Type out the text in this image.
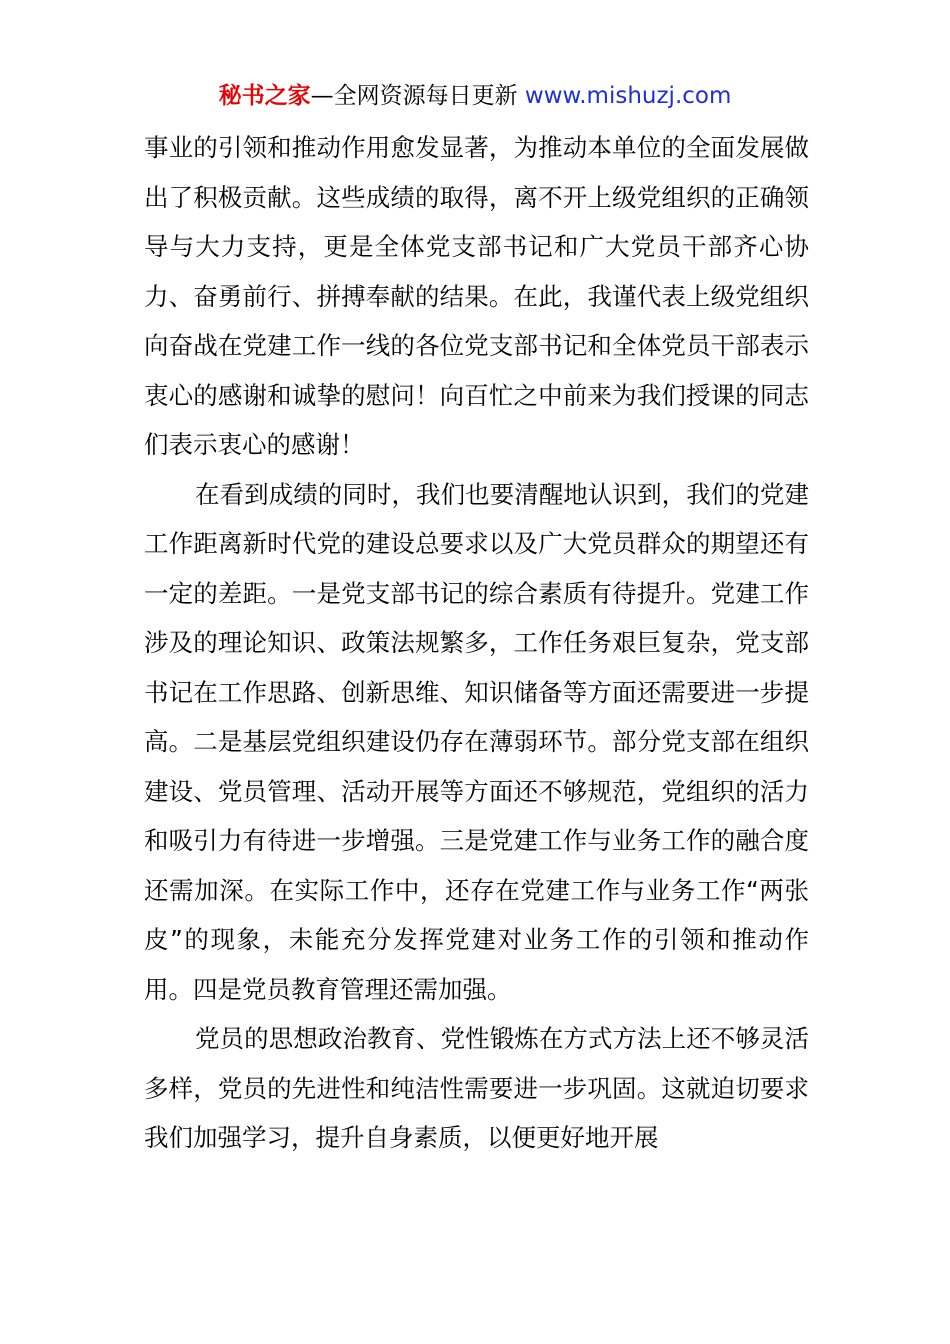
秘书之家—全网资源每日更新 www.mishuzj.com

事业的引领和推动作用愈发显著，为推动本单位的全面发展做出了积极贡献。这些成绩的取得，离不开上级党组织的正确领导与大力支持，更是全体党支部书记和广大党员干部齐心协力、奋勇前行、拼搏奉献的结果。在此，我谨代表上级党组织向奋战在党建工作一线的各位党支部书记和全体党员干部表示衷心的感谢和诚挚的慰问！向百忙之中前来为我们授课的同志们表示衷心的感谢！

在看到成绩的同时，我们也要清醒地认识到，我们的党建工作距离新时代党的建设总要求以及广大党员群众的期望还有一定的差距。一是党支部书记的综合素质有待提升。党建工作涉及的理论知识、政策法规繁多，工作任务艰巨复杂，党支部书记在工作思路、创新思维、知识储备等方面还需要进一步提高。二是基层党组织建设仍存在薄弱环节。部分党支部在组织建设、党员管理、活动开展等方面还不够规范，党组织的活力和吸引力有待进一步增强。三是党建工作与业务工作的融合度还需加深。在实际工作中，还存在党建工作与业务工作“两张皮”的现象，未能充分发挥党建对业务工作的引领和推动作用。四是党员教育管理还需加强。

党员的思想政治教育、党性锻炼在方式方法上还不够灵活多样，党员的先进性和纯洁性需要进一步巩固。这就迫切要求我们加强学习，提升自身素质，以便更好地开展
